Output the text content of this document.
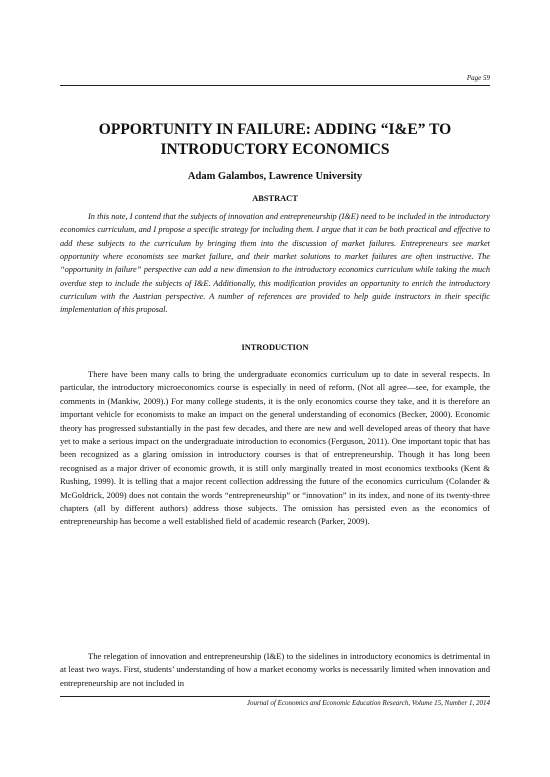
Page 59
OPPORTUNITY IN FAILURE: ADDING “I&E” TO INTRODUCTORY ECONOMICS
Adam Galambos, Lawrence University
ABSTRACT

In this note, I contend that the subjects of innovation and entrepreneurship (I&E) need to be included in the introductory economics curriculum, and I propose a specific strategy for including them. I argue that it can be both practical and effective to add these subjects to the curriculum by bringing them into the discussion of market failures. Entrepreneurs see market opportunity where economists see market failure, and their market solutions to market failures are often instructive. The “opportunity in failure” perspective can add a new dimension to the introductory economics curriculum while taking the much overdue step to include the subjects of I&E. Additionally, this modification provides an opportunity to enrich the introductory curriculum with the Austrian perspective. A number of references are provided to help guide instructors in their specific implementation of this proposal.

INTRODUCTION

There have been many calls to bring the undergraduate economics curriculum up to date in several respects. In particular, the introductory microeconomics course is especially in need of reform. (Not all agree—see, for example, the comments in (Mankiw, 2009).) For many college students, it is the only economics course they take, and it is therefore an important vehicle for economists to make an impact on the general understanding of economics (Becker, 2000). Economic theory has progressed substantially in the past few decades, and there are new and well developed areas of theory that have yet to make a serious impact on the undergraduate introduction to economics (Ferguson, 2011). One important topic that has been recognized as a glaring omission in introductory courses is that of entrepreneurship. Though it has long been recognised as a major driver of economic growth, it is still only marginally treated in most economics textbooks (Kent & Rushing, 1999). It is telling that a major recent collection addressing the future of the economics curriculum (Colander & McGoldrick, 2009) does not contain the words “entrepreneurship” or “innovation” in its index, and none of its twenty-three chapters (all by different authors) address those subjects. The omission has persisted even as the economics of entrepreneurship has become a well established field of academic research (Parker, 2009).

The relegation of innovation and entrepreneurship (I&E) to the sidelines in introductory economics is detrimental in at least two ways. First, students’ understanding of how a market economy works is necessarily limited when innovation and entrepreneurship are not included in

Journal of Economics and Economic Education Research, Volume 15, Number 1, 2014
